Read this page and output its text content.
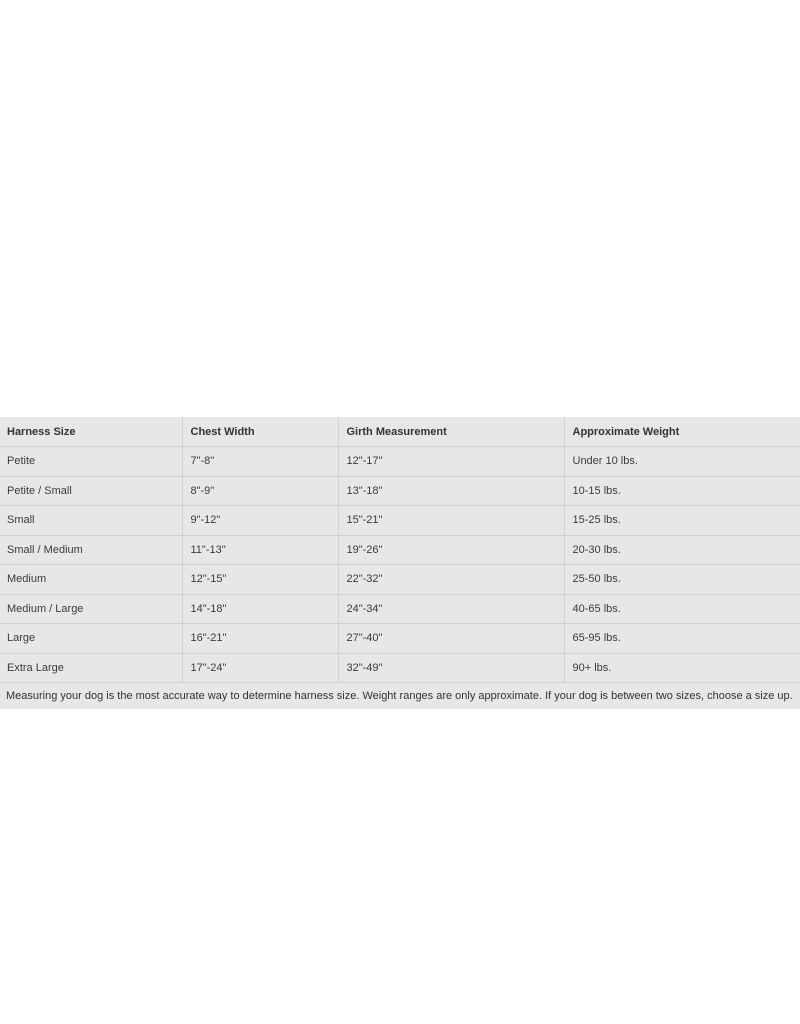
Harness Size	Chest Width	Girth Measurement	Approximate Weight
Petite	7"-8"	12"-17"	Under 10 lbs.
Petite / Small	8"-9"	13"-18"	10-15 lbs.
Small	9"-12"	15"-21"	15-25 lbs.
Small / Medium	11"-13"	19"-26"	20-30 lbs.
Medium	12"-15"	22"-32"	25-50 lbs.
Medium / Large	14"-18"	24"-34"	40-65 lbs.
Large	16"-21"	27"-40"	65-95 lbs.
Extra Large	17"-24"	32"-49"	90+ lbs.
Measuring your dog is the most accurate way to determine harness size. Weight ranges are only approximate. If your dog is between two sizes, choose a size up.
